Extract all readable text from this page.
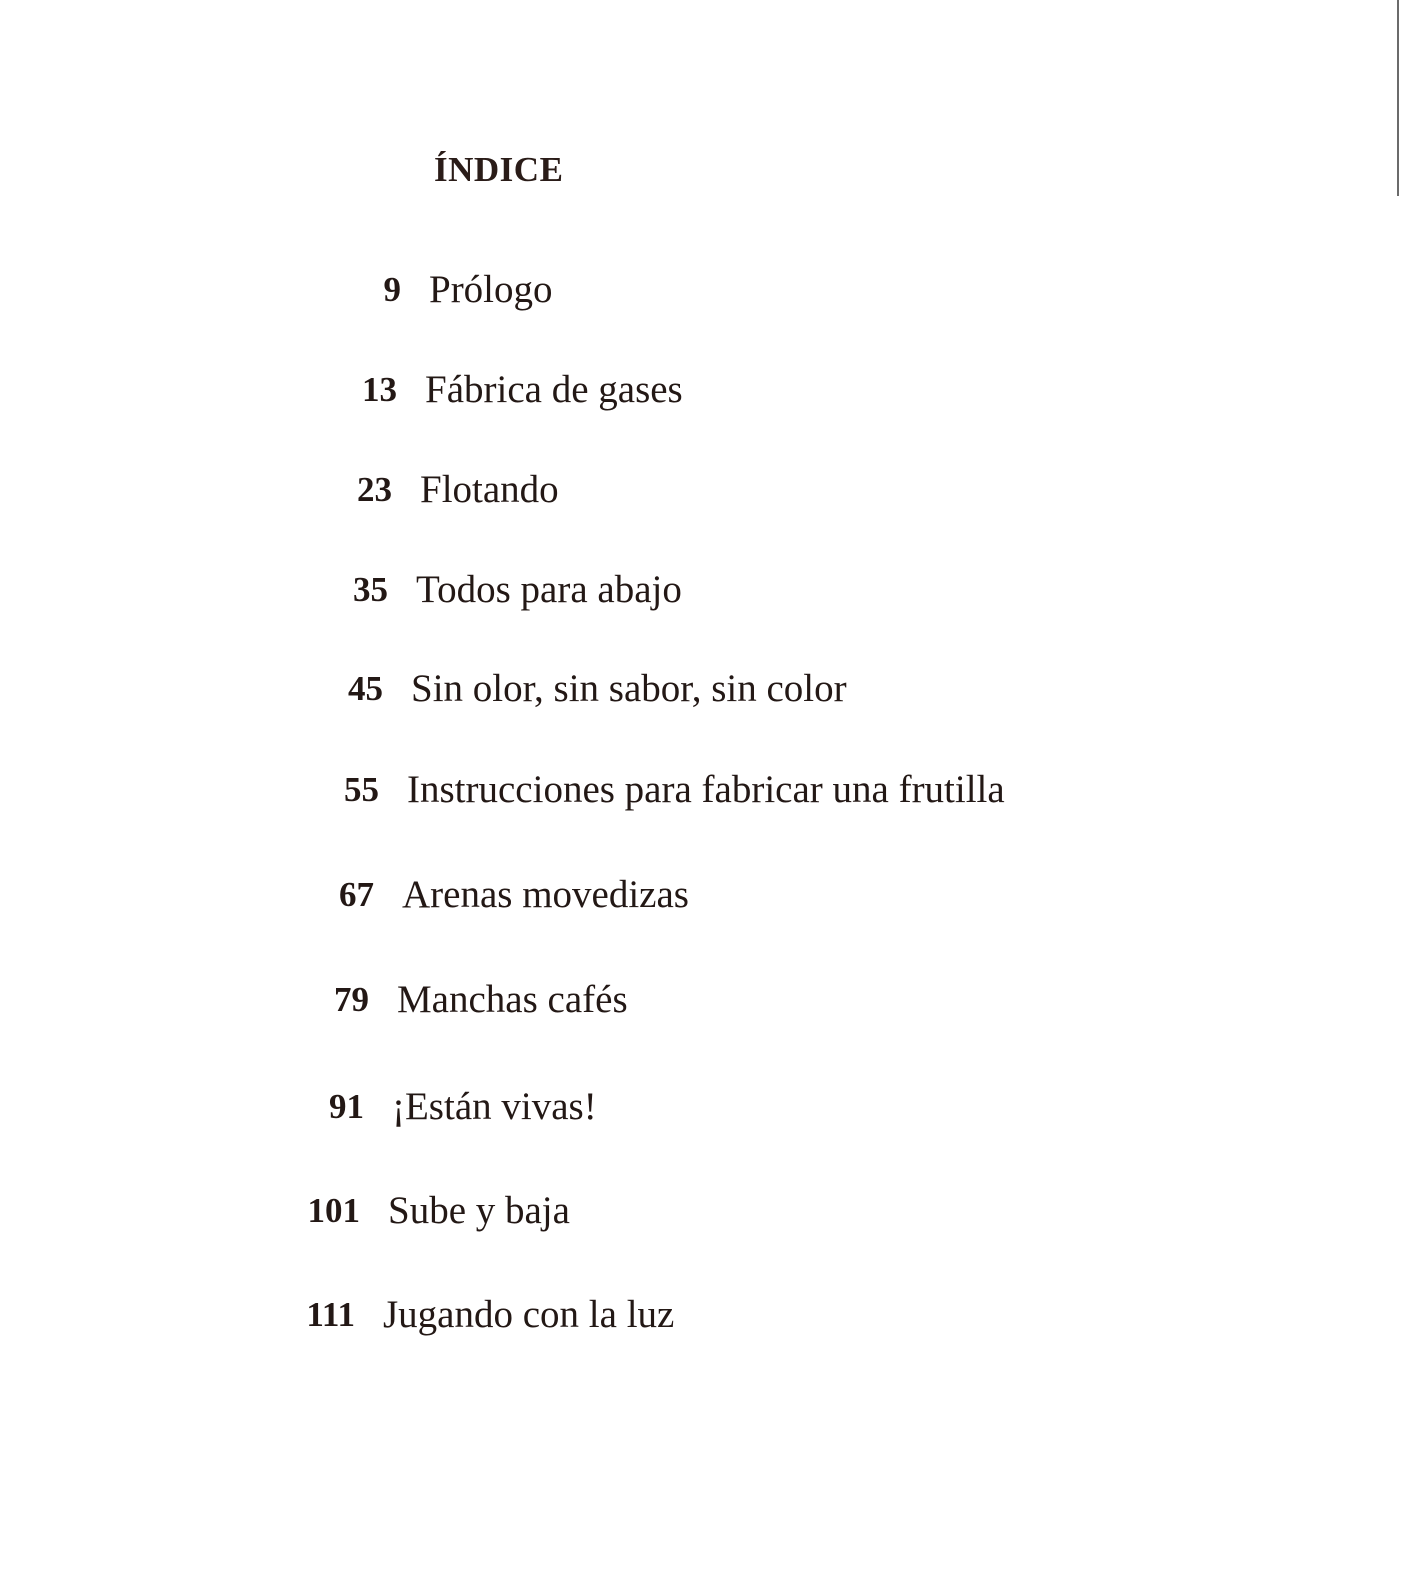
ÍNDICE
9 Prólogo
13 Fábrica de gases
23 Flotando
35 Todos para abajo
45 Sin olor, sin sabor, sin color
55 Instrucciones para fabricar una frutilla
67 Arenas movedizas
79 Manchas cafés
91 ¡Están vivas!
101 Sube y baja
111 Jugando con la luz
